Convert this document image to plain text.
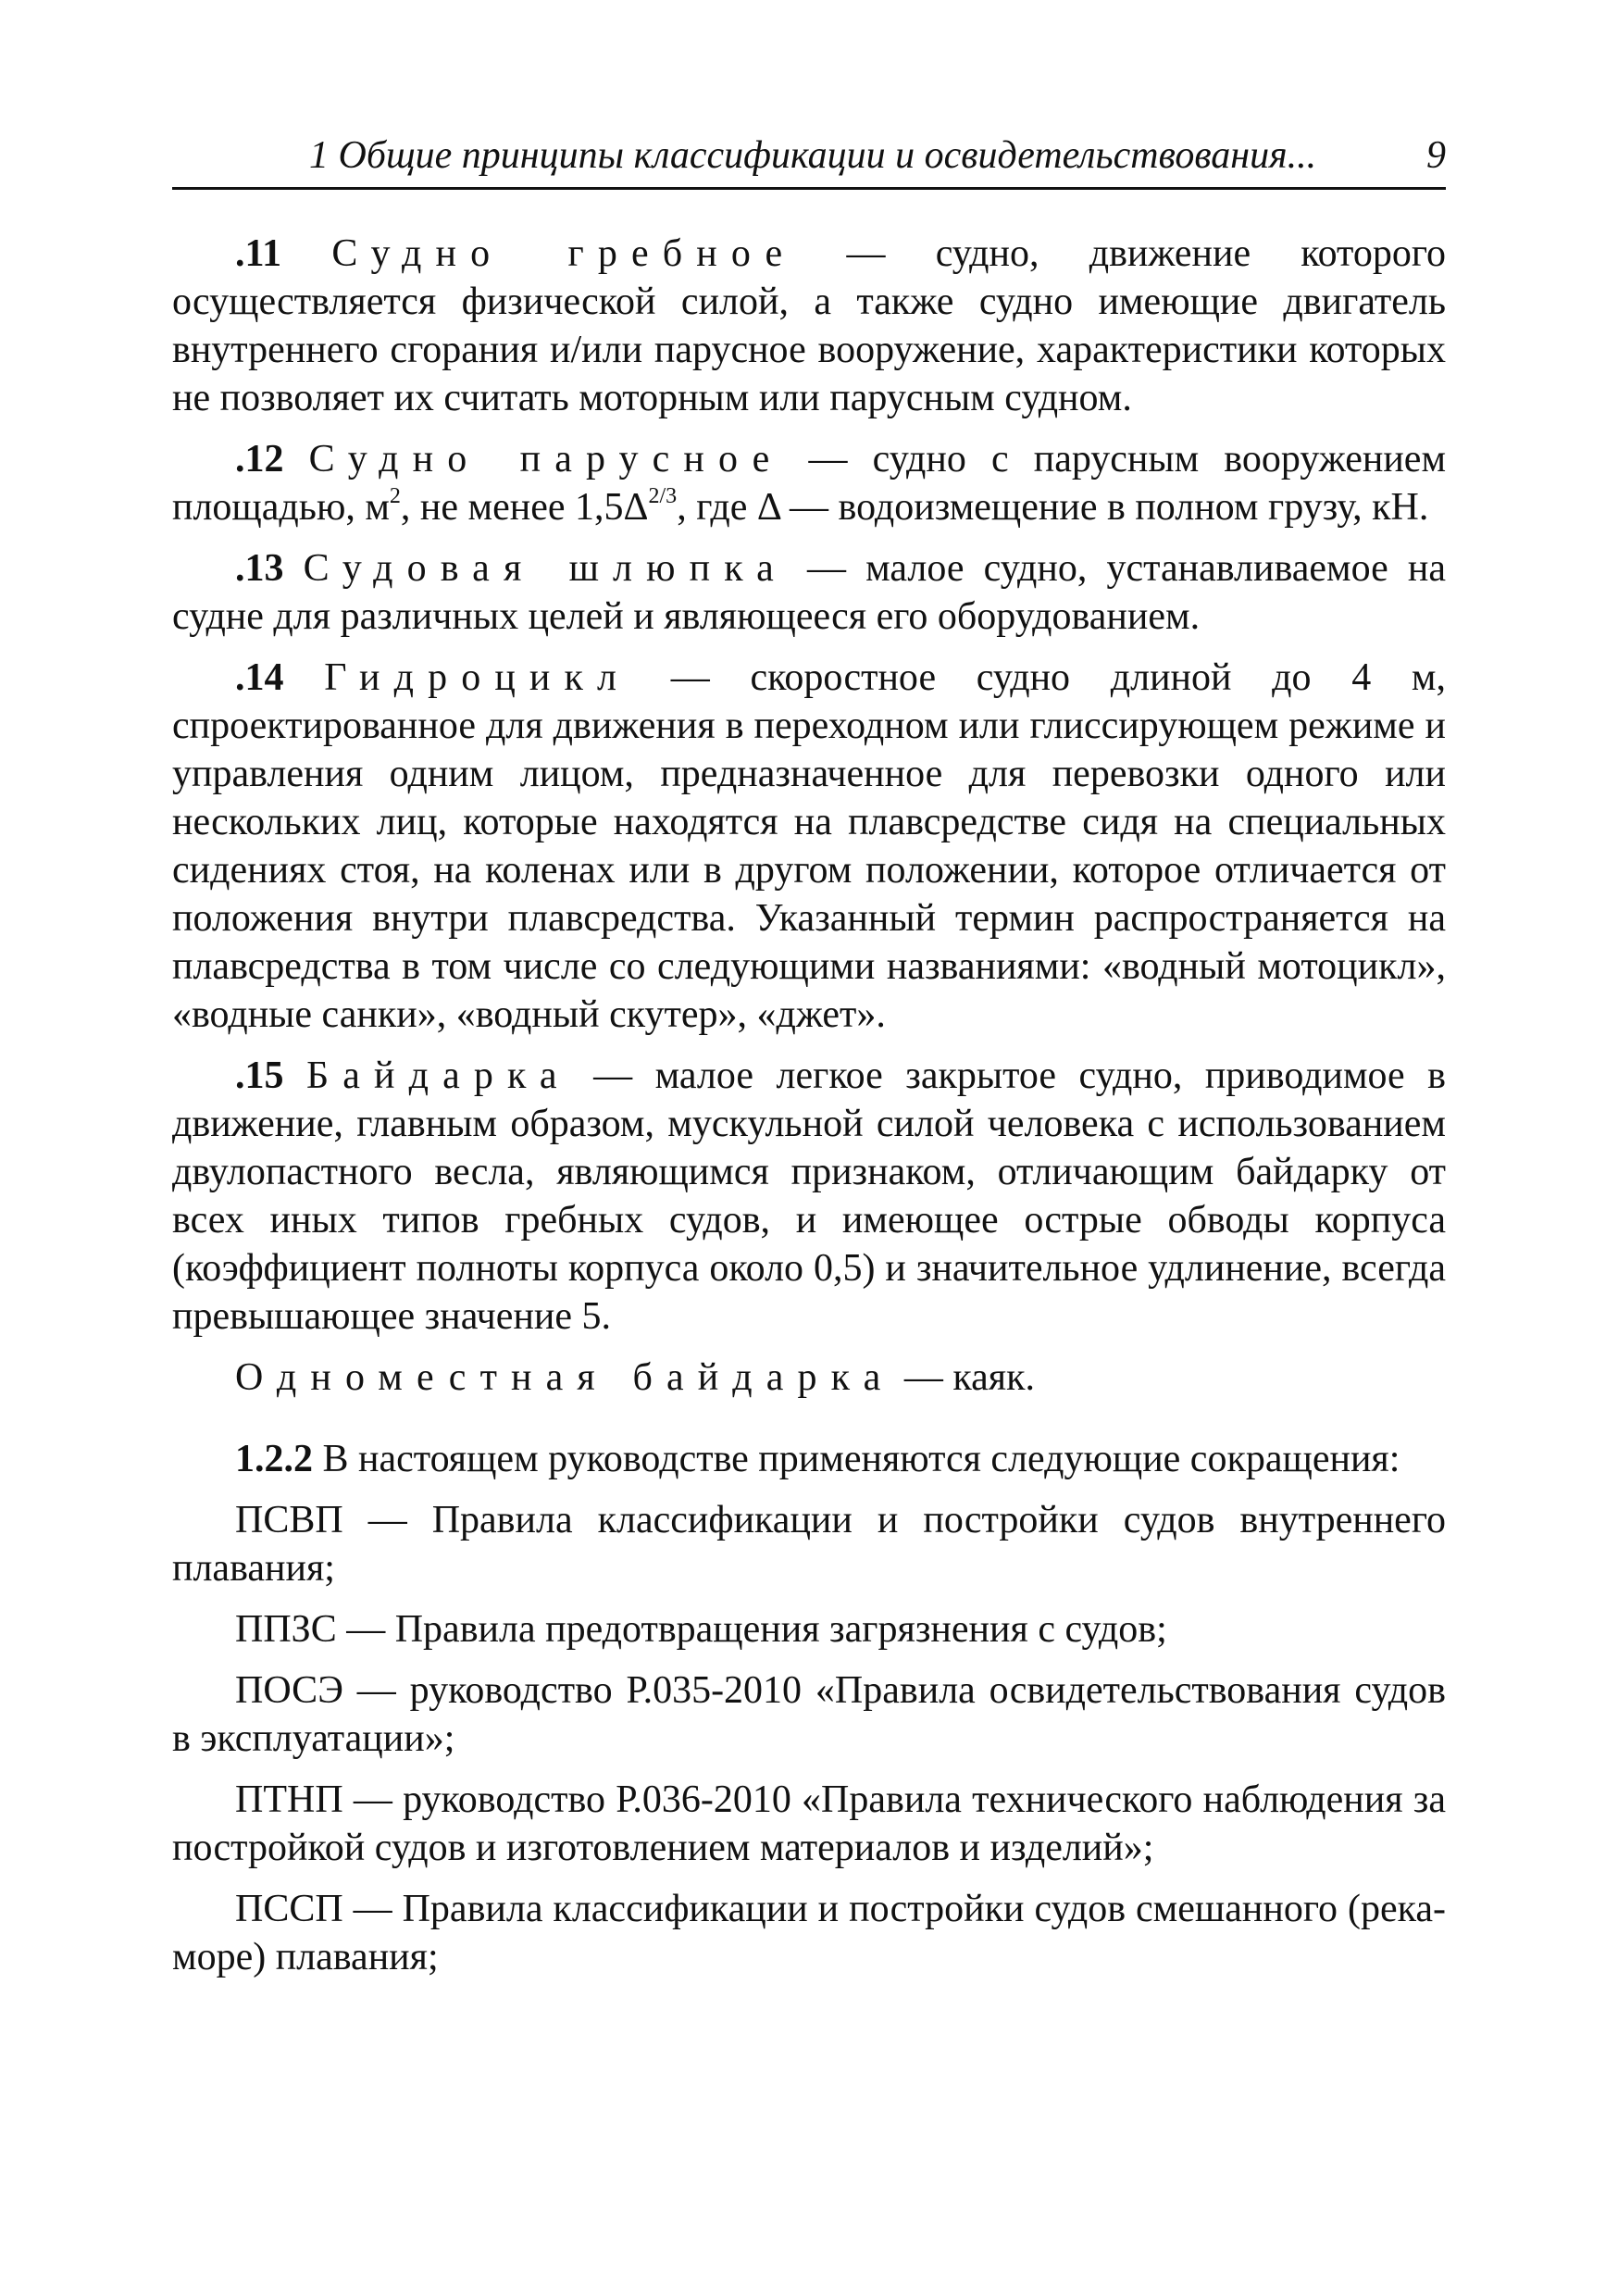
1 Общие принципы классификации и освидетельствования...	9

.11 Судно гребное — судно, движение которого осуществляется физической силой, а также судно имеющие двигатель внутреннего сгорания и/или парусное вооружение, характеристики которых не позволяет их считать моторным или парусным судном.

.12 Судно парусное — судно с парусным вооружением площадью, $м^2$, не менее $1,5\Delta^{2/3}$, где Δ — водоизмещение в полном грузу, кН.

.13 Судовая шлюпка — малое судно, устанавливаемое на судне для различных целей и являющееся его оборудованием.

.14 Гидроцикл — скоростное судно длиной до 4 м, спроектированное для движения в переходном или глиссирующем режиме и управления одним лицом, предназначенное для перевозки одного или нескольких лиц, которые находятся на плавсредстве сидя на специальных сидениях стоя, на коленах или в другом положении, которое отличается от положения внутри плавсредства. Указанный термин распространяется на плавсредства в том числе со следующими названиями: «водный мотоцикл», «водные санки», «водный скутер», «джет».

.15 Байдарка — малое легкое закрытое судно, приводимое в движение, главным образом, мускульной силой человека с использованием двулопастного весла, являющимся признаком, отличающим байдарку от всех иных типов гребных судов, и имеющее острые обводы корпуса (коэффициент полноты корпуса около 0,5) и значительное удлинение, всегда превышающее значение 5.

Одноместная байдарка — каяк.

1.2.2 В настоящем руководстве применяются следующие сокращения:

ПСВП — Правила классификации и постройки судов внутреннего плавания;

ППЗС — Правила предотвращения загрязнения с судов;

ПОСЭ — руководство Р.035-2010 «Правила освидетельствования судов в эксплуатации»;

ПТНП — руководство Р.036-2010 «Правила технического наблюдения за постройкой судов и изготовлением материалов и изделий»;

ПССП — Правила классификации и постройки судов смешанного (река-море) плавания;
